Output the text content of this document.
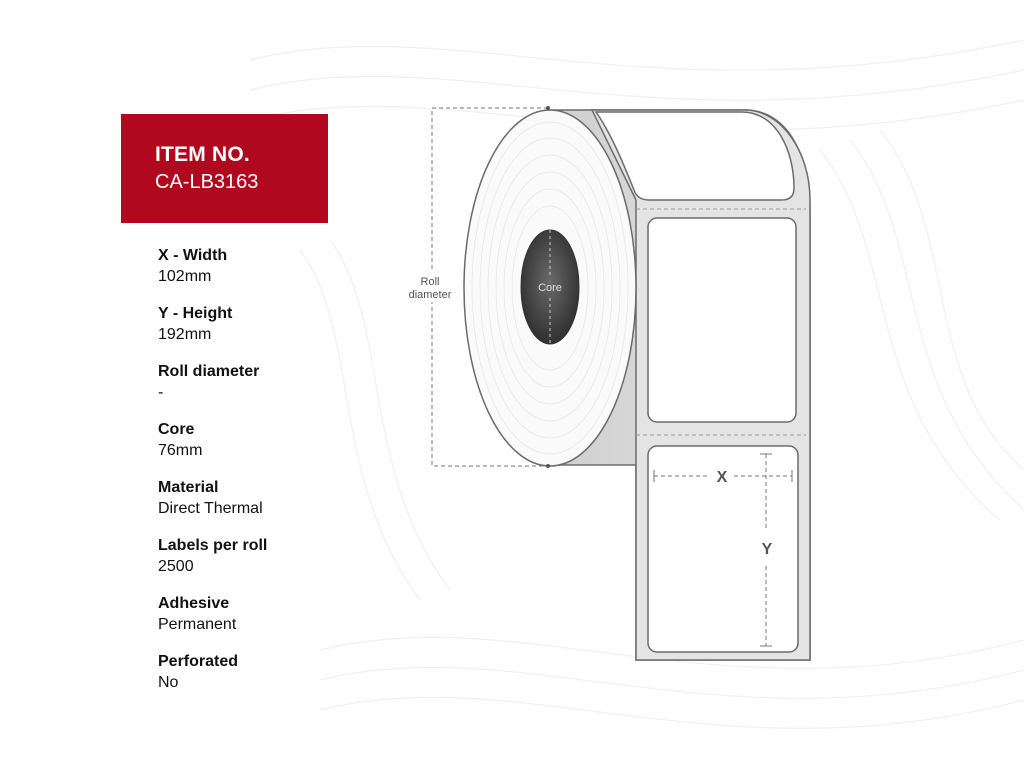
ITEM NO.
CA-LB3163
X - Width
102mm
Y - Height
192mm
Roll diameter
-
Core
76mm
Material
Direct Thermal
Labels per roll
2500
Adhesive
Permanent
Perforated
No
Core
Roll
diameter
X
Y
